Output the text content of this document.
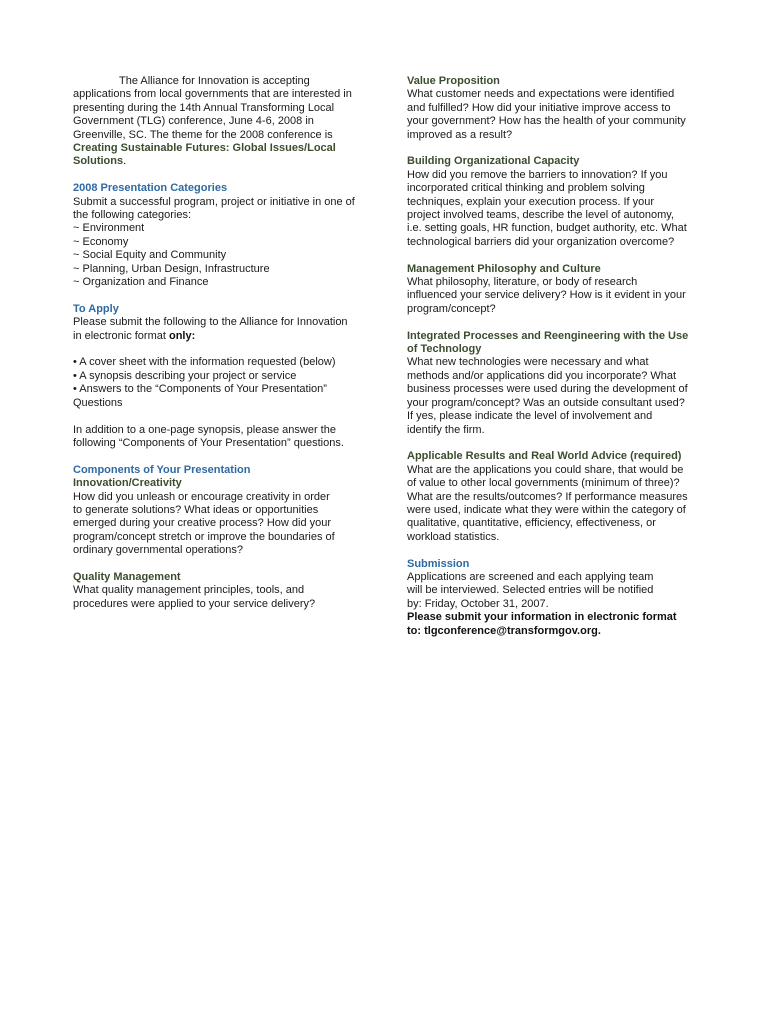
The Alliance for Innovation is accepting

applications from local governments that are interested in

presenting during the 14th Annual Transforming Local

Government (TLG) conference, June 4-6, 2008 in

Greenville, SC. The theme for the 2008 conference is

Creating Sustainable Futures: Global Issues/Local

Solutions.

2008 Presentation Categories

Submit a successful program, project or initiative in one of

the following categories:

~ Environment
~ Economy
~ Social Equity and Community
~ Planning, Urban Design, Infrastructure
~ Organization and Finance

To Apply

Please submit the following to the Alliance for Innovation

in electronic format only:

• A cover sheet with the information requested (below)
• A synopsis describing your project or service
• Answers to the “Components of Your Presentation”
Questions

In addition to a one-page synopsis, please answer the

following “Components of Your Presentation” questions.

Components of Your Presentation

Innovation/Creativity

How did you unleash or encourage creativity in order

to generate solutions? What ideas or opportunities

emerged during your creative process? How did your

program/concept stretch or improve the boundaries of

ordinary governmental operations?

Quality Management

What quality management principles, tools, and

procedures were applied to your service delivery?

Value Proposition

What customer needs and expectations were identified

and fulfilled? How did your initiative improve access to

your government? How has the health of your community

improved as a result?

Building Organizational Capacity

How did you remove the barriers to innovation? If you

incorporated critical thinking and problem solving

techniques, explain your execution process. If your

project involved teams, describe the level of autonomy,

i.e. setting goals, HR function, budget authority, etc. What

technological barriers did your organization overcome?

Management Philosophy and Culture

What philosophy, literature, or body of research

influenced your service delivery? How is it evident in your

program/concept?

Integrated Processes and Reengineering with the Use

of Technology

What new technologies were necessary and what

methods and/or applications did you incorporate? What

business processes were used during the development of

your program/concept? Was an outside consultant used?

If yes, please indicate the level of involvement and

identify the firm.

Applicable Results and Real World Advice (required)

What are the applications you could share, that would be

of value to other local governments (minimum of three)?

What are the results/outcomes? If performance measures

were used, indicate what they were within the category of

qualitative, quantitative, efficiency, effectiveness, or

workload statistics.

Submission

Applications are screened and each applying team

will be interviewed. Selected entries will be notified

by: Friday, October 31, 2007.

Please submit your information in electronic format

to: tlgconference@transformgov.org.
